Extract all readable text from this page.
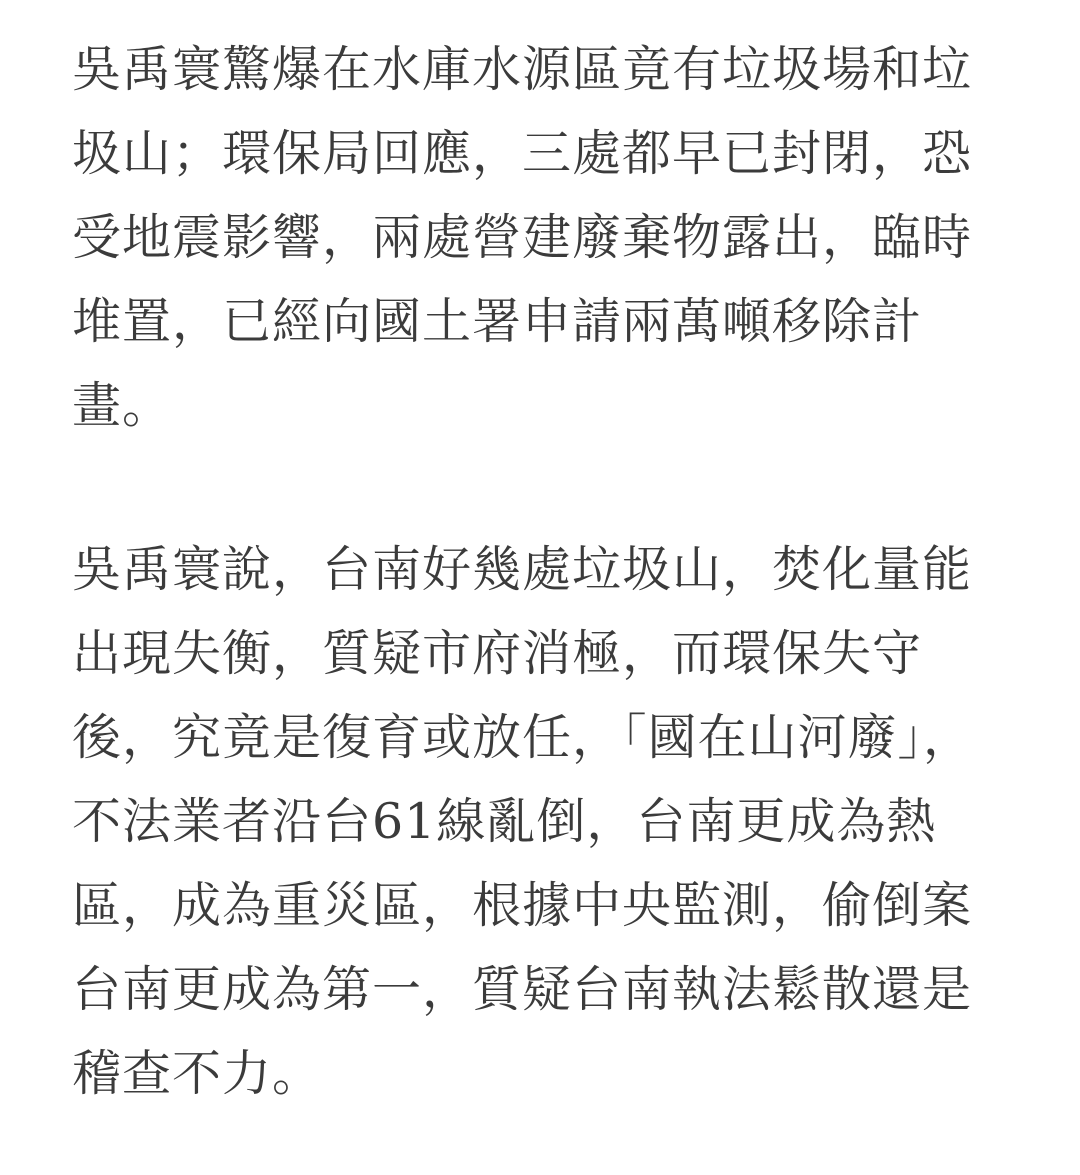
吳禹寰驚爆在水庫水源區竟有垃圾場和垃圾山；環保局回應，三處都早已封閉，恐受地震影響，兩處營建廢棄物露出，臨時堆置，已經向國土署申請兩萬噸移除計畫。

吳禹寰說，台南好幾處垃圾山，焚化量能出現失衡，質疑市府消極，而環保失守後，究竟是復育或放任，「國在山河廢」，不法業者沿台61線亂倒，台南更成為熱區，成為重災區，根據中央監測，偷倒案台南更成為第一，質疑台南執法鬆散還是稽查不力。
